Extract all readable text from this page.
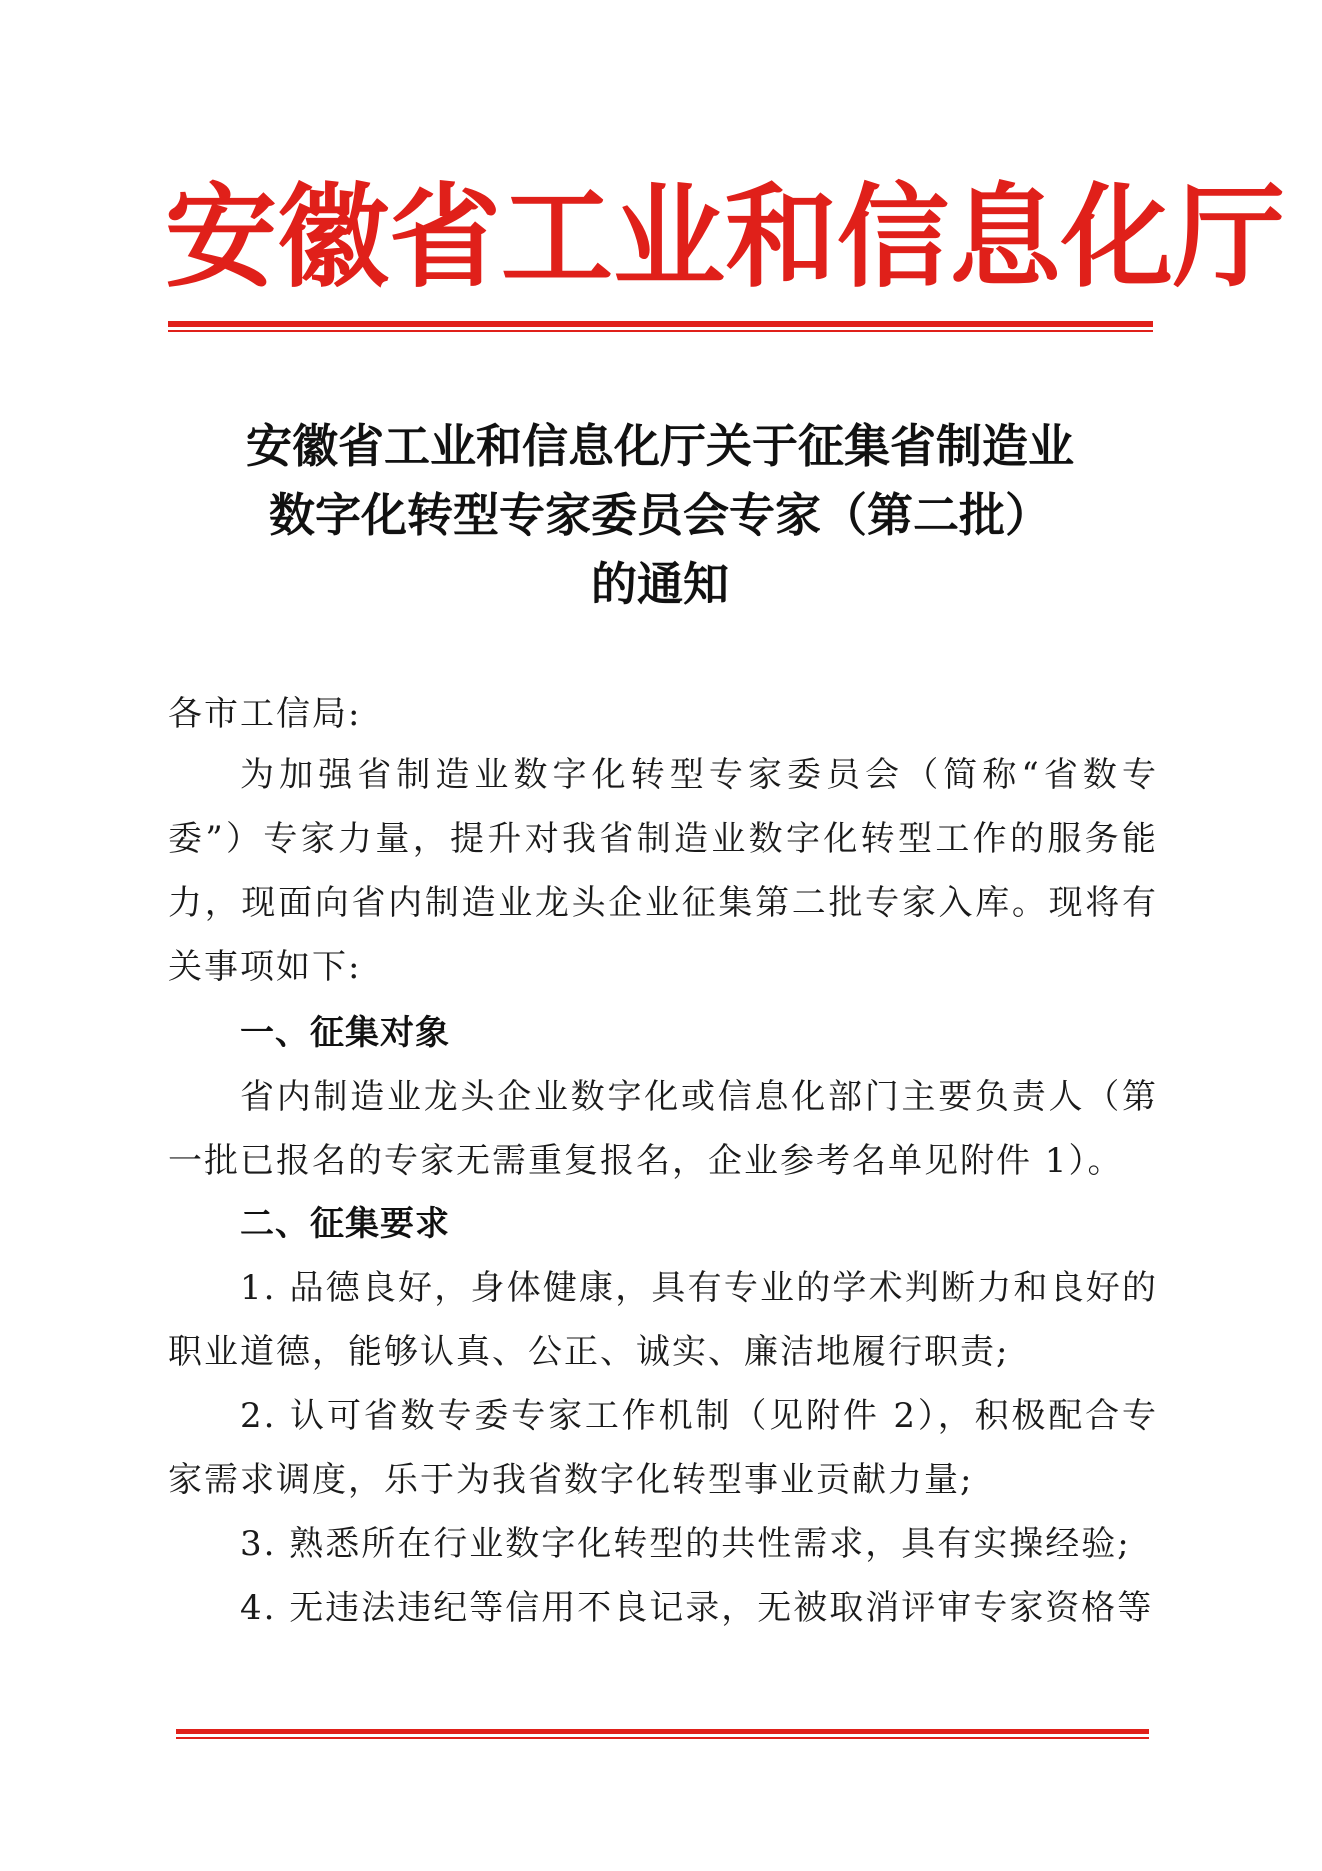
安徽省工业和信息化厅
安徽省工业和信息化厅关于征集省制造业
数字化转型专家委员会专家（第二批）
的通知
各市工信局:
为加强省制造业数字化转型专家委员会（简称“省数专委”）专家力量，提升对我省制造业数字化转型工作的服务能力，现面向省内制造业龙头企业征集第二批专家入库。现将有关事项如下:
一、征集对象
省内制造业龙头企业数字化或信息化部门主要负责人（第一批已报名的专家无需重复报名，企业参考名单见附件 1）。
二、征集要求
1. 品德良好，身体健康，具有专业的学术判断力和良好的职业道德，能够认真、公正、诚实、廉洁地履行职责;
2. 认可省数专委专家工作机制（见附件 2），积极配合专家需求调度，乐于为我省数字化转型事业贡献力量;
3. 熟悉所在行业数字化转型的共性需求，具有实操经验;
4. 无违法违纪等信用不良记录，无被取消评审专家资格等
